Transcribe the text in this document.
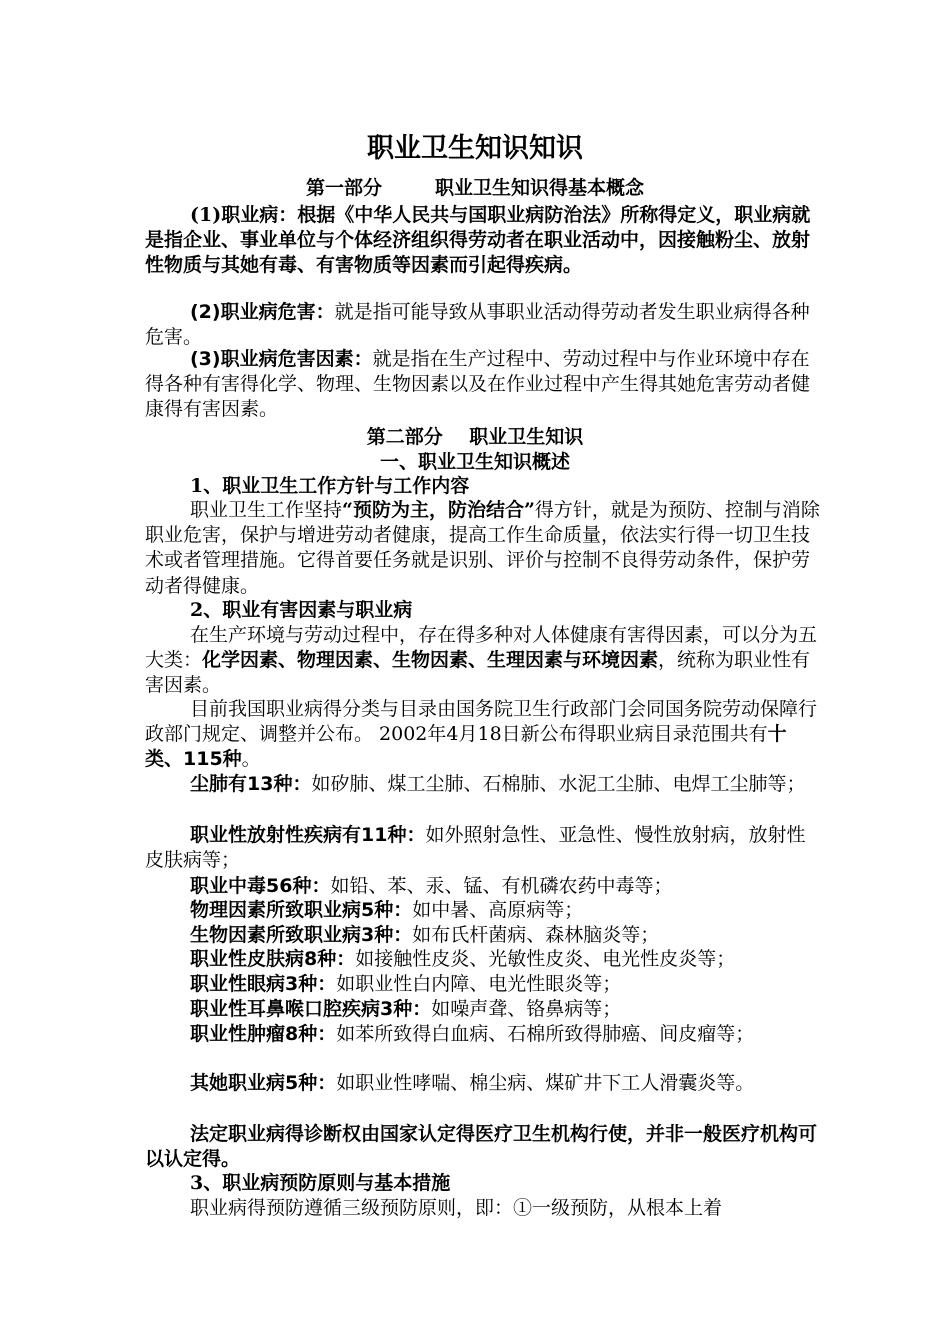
职业卫生知识知识
第一部分        职业卫生知识得基本概念

(1)职业病：根据《中华人民共与国职业病防治法》所称得定义，职业病就是指企业、事业单位与个体经济组织得劳动者在职业活动中，因接触粉尘、放射性物质与其她有毒、有害物质等因素而引起得疾病。

(2)职业病危害：就是指可能导致从事职业活动得劳动者发生职业病得各种危害。

(3)职业病危害因素：就是指在生产过程中、劳动过程中与作业环境中存在得各种有害得化学、物理、生物因素以及在作业过程中产生得其她危害劳动者健康得有害因素。

第二部分    职业卫生知识
一、职业卫生知识概述
1、职业卫生工作方针与工作内容

职业卫生工作坚持“预防为主，防治结合”得方针，就是为预防、控制与消除职业危害，保护与增进劳动者健康，提高工作生命质量，依法实行得一切卫生技术或者管理措施。它得首要任务就是识别、评价与控制不良得劳动条件，保护劳动者得健康。

2、职业有害因素与职业病

在生产环境与劳动过程中，存在得多种对人体健康有害得因素，可以分为五大类：化学因素、物理因素、生物因素、生理因素与环境因素，统称为职业性有害因素。

目前我国职业病得分类与目录由国务院卫生行政部门会同国务院劳动保障行政部门规定、调整并公布。 2002年4月18日新公布得职业病目录范围共有十类、115种。

尘肺有13种：如矽肺、煤工尘肺、石棉肺、水泥工尘肺、电焊工尘肺等；

职业性放射性疾病有11种：如外照射急性、亚急性、慢性放射病，放射性皮肤病等；

职业中毒56种：如铅、苯、汞、锰、有机磷农药中毒等；
物理因素所致职业病5种：如中暑、高原病等；
生物因素所致职业病3种：如布氏杆菌病、森林脑炎等；
职业性皮肤病8种：如接触性皮炎、光敏性皮炎、电光性皮炎等；
职业性眼病3种：如职业性白内障、电光性眼炎等；
职业性耳鼻喉口腔疾病3种：如噪声聋、铬鼻病等；
职业性肿瘤8种：如苯所致得白血病、石棉所致得肺癌、间皮瘤等；
其她职业病5种：如职业性哮喘、棉尘病、煤矿井下工人滑囊炎等。

法定职业病得诊断权由国家认定得医疗卫生机构行使，并非一般医疗机构可以认定得。

3、职业病预防原则与基本措施
职业病得预防遵循三级预防原则，即：①一级预防，从根本上着
